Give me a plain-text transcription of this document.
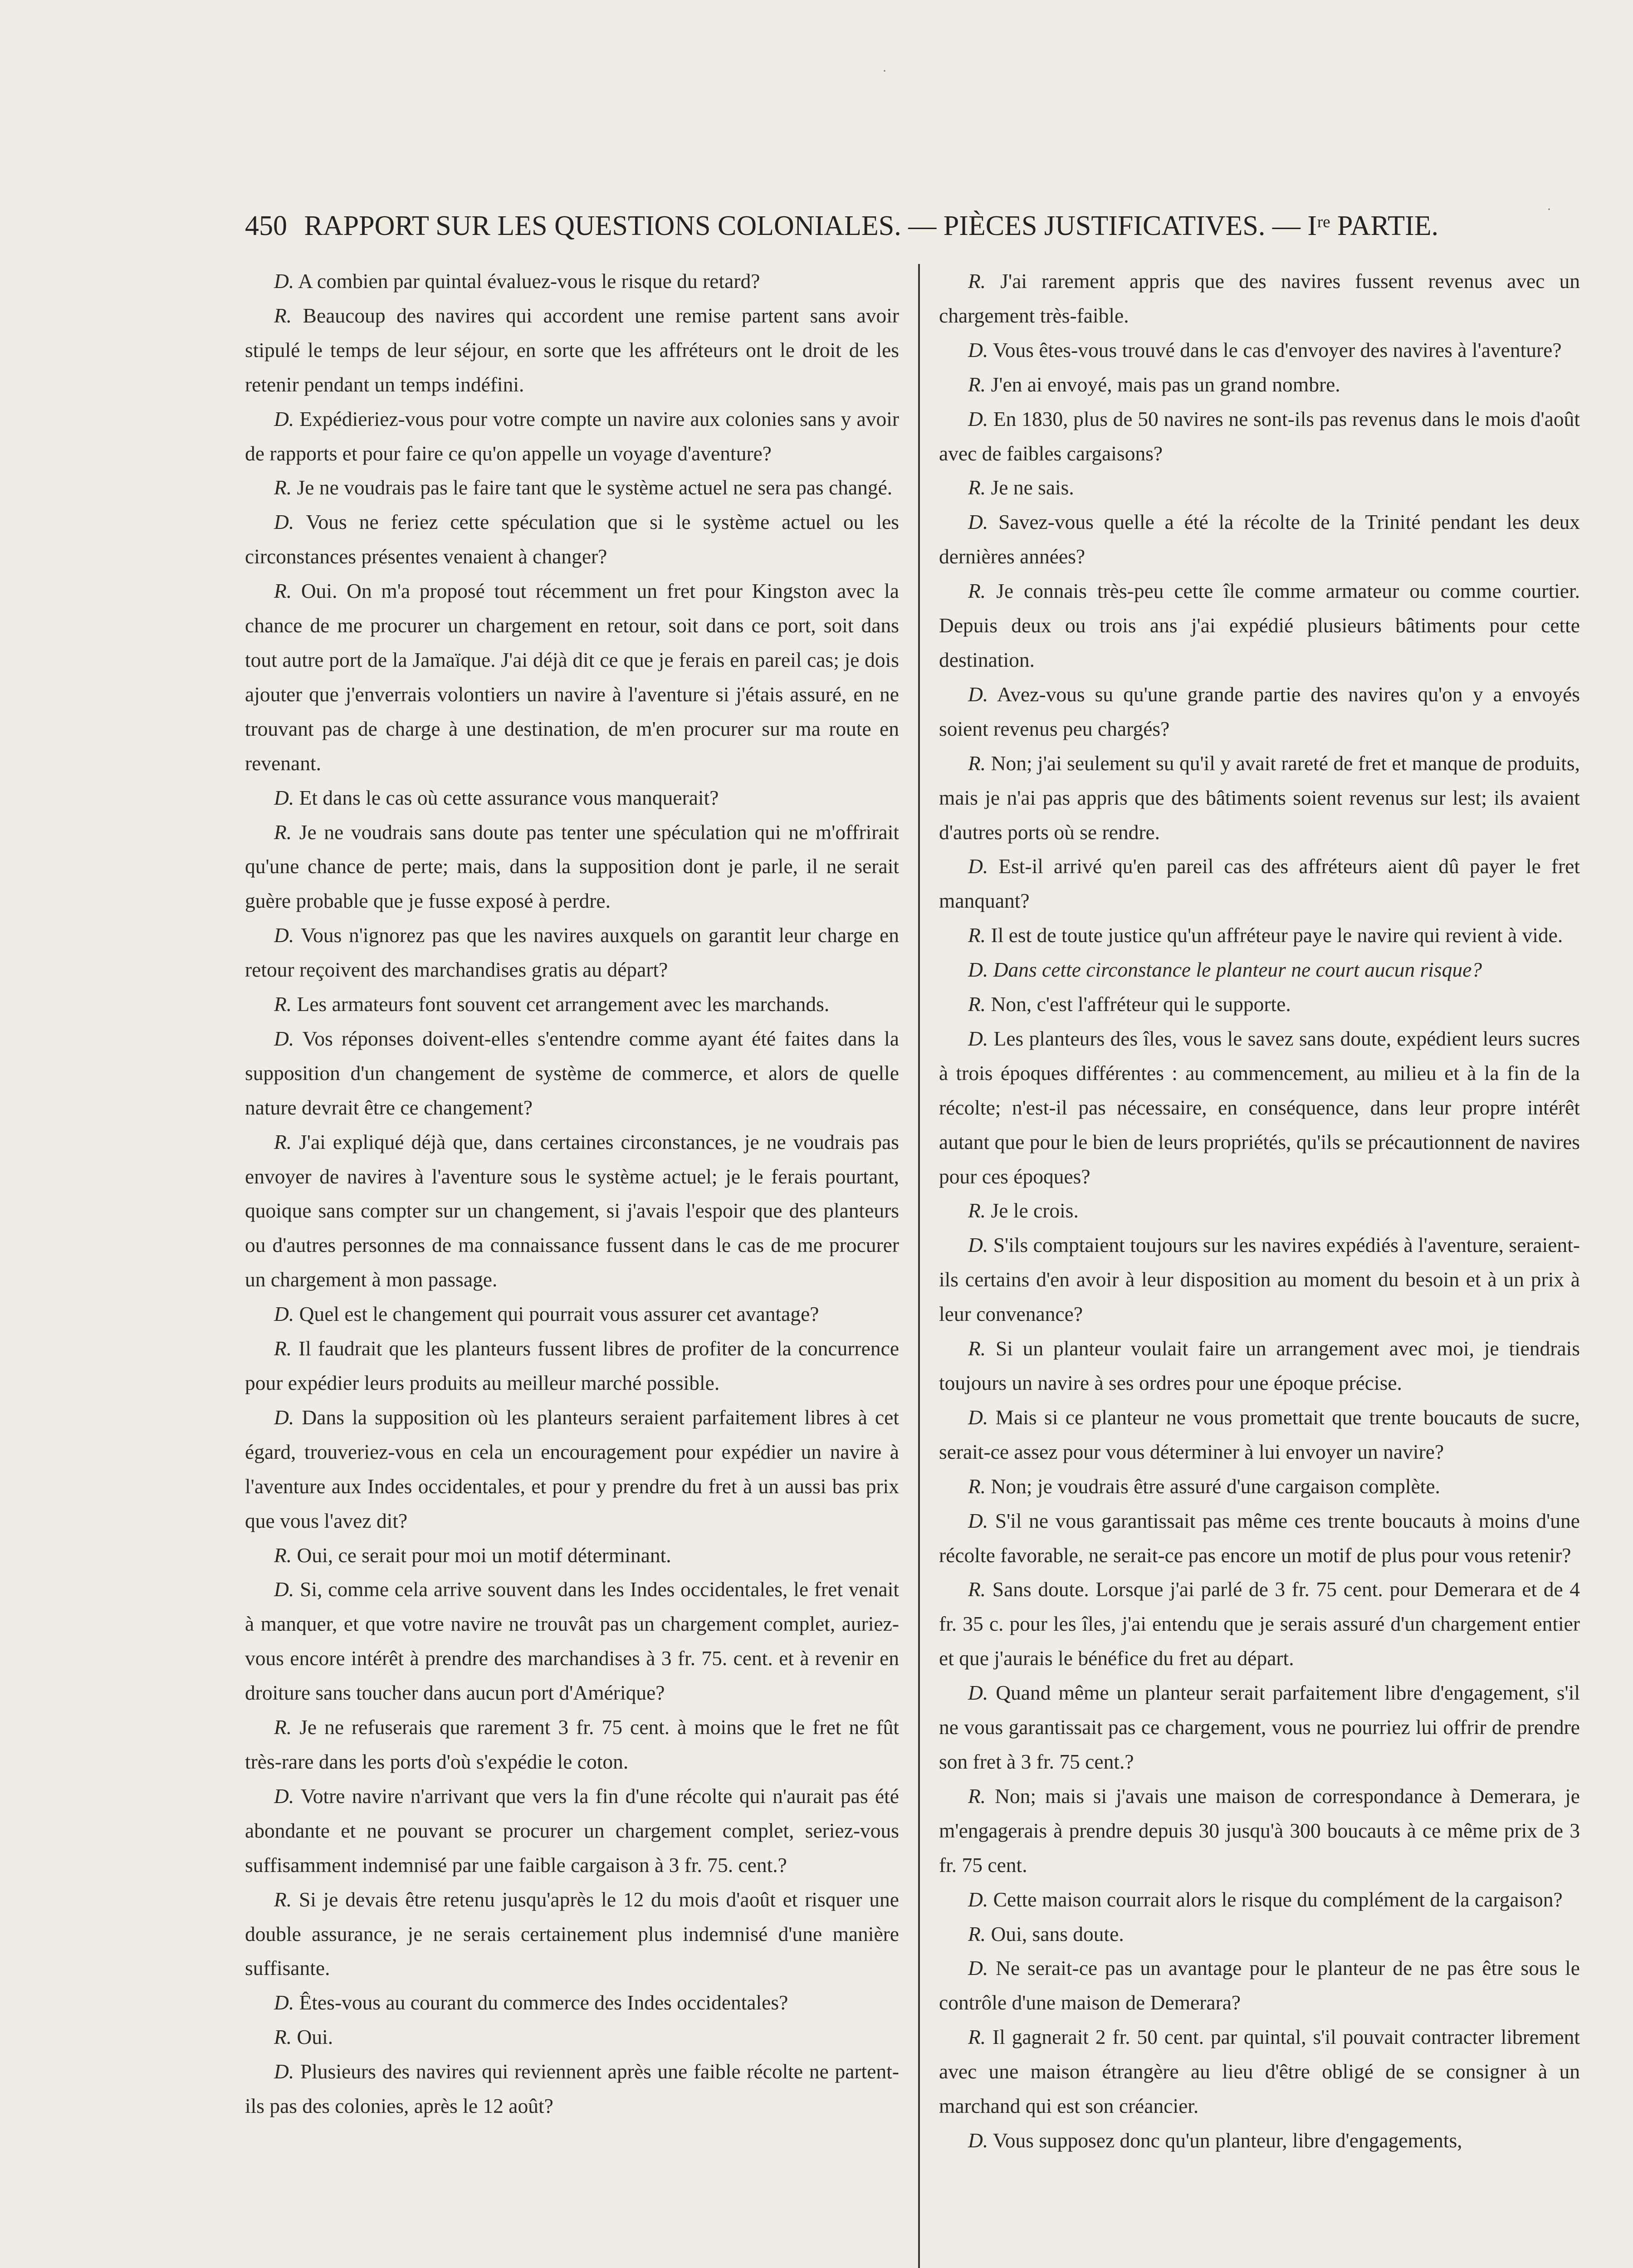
·
·
450 RAPPORT SUR LES QUESTIONS COLONIALES. — PIÈCES JUSTIFICATIVES. — Iʳᵉ PARTIE.

D. A combien par quintal évaluez-vous le risque du retard?

R. Beaucoup des navires qui accordent une remise partent sans avoir stipulé le temps de leur séjour, en sorte que les affréteurs ont le droit de les retenir pendant un temps indéfini.

D. Expédieriez-vous pour votre compte un navire aux colonies sans y avoir de rapports et pour faire ce qu'on appelle un voyage d'aventure?

R. Je ne voudrais pas le faire tant que le système actuel ne sera pas changé.

D. Vous ne feriez cette spéculation que si le système actuel ou les circonstances présentes venaient à changer?

R. Oui. On m'a proposé tout récemment un fret pour Kingston avec la chance de me procurer un chargement en retour, soit dans ce port, soit dans tout autre port de la Jamaïque. J'ai déjà dit ce que je ferais en pareil cas; je dois ajouter que j'enverrais volontiers un navire à l'aventure si j'étais assuré, en ne trouvant pas de charge à une destination, de m'en procurer sur ma route en revenant.

D. Et dans le cas où cette assurance vous manquerait?

R. Je ne voudrais sans doute pas tenter une spéculation qui ne m'offrirait qu'une chance de perte; mais, dans la supposition dont je parle, il ne serait guère probable que je fusse exposé à perdre.

D. Vous n'ignorez pas que les navires auxquels on garantit leur charge en retour reçoivent des marchandises gratis au départ?

R. Les armateurs font souvent cet arrangement avec les marchands.

D. Vos réponses doivent-elles s'entendre comme ayant été faites dans la supposition d'un changement de système de commerce, et alors de quelle nature devrait être ce changement?

R. J'ai expliqué déjà que, dans certaines circonstances, je ne voudrais pas envoyer de navires à l'aventure sous le système actuel; je le ferais pourtant, quoique sans compter sur un changement, si j'avais l'espoir que des planteurs ou d'autres personnes de ma connaissance fussent dans le cas de me procurer un chargement à mon passage.

D. Quel est le changement qui pourrait vous assurer cet avantage?

R. Il faudrait que les planteurs fussent libres de profiter de la concurrence pour expédier leurs produits au meilleur marché possible.

D. Dans la supposition où les planteurs seraient parfaitement libres à cet égard, trouveriez-vous en cela un encouragement pour expédier un navire à l'aventure aux Indes occidentales, et pour y prendre du fret à un aussi bas prix que vous l'avez dit?

R. Oui, ce serait pour moi un motif déterminant.

D. Si, comme cela arrive souvent dans les Indes occidentales, le fret venait à manquer, et que votre navire ne trouvât pas un chargement complet, auriez-vous encore intérêt à prendre des marchandises à 3 fr. 75. cent. et à revenir en droiture sans toucher dans aucun port d'Amérique?

R. Je ne refuserais que rarement 3 fr. 75 cent. à moins que le fret ne fût très-rare dans les ports d'où s'expédie le coton.

D. Votre navire n'arrivant que vers la fin d'une récolte qui n'aurait pas été abondante et ne pouvant se procurer un chargement complet, seriez-vous suffisamment indemnisé par une faible cargaison à 3 fr. 75. cent.?

R. Si je devais être retenu jusqu'après le 12 du mois d'août et risquer une double assurance, je ne serais certainement plus indemnisé d'une manière suffisante.

D. Êtes-vous au courant du commerce des Indes occidentales?

R. Oui.

D. Plusieurs des navires qui reviennent après une faible récolte ne partent-ils pas des colonies, après le 12 août?

R. J'ai rarement appris que des navires fussent revenus avec un chargement très-faible.

D. Vous êtes-vous trouvé dans le cas d'envoyer des navires à l'aventure?

R. J'en ai envoyé, mais pas un grand nombre.

D. En 1830, plus de 50 navires ne sont-ils pas revenus dans le mois d'août avec de faibles cargaisons?

R. Je ne sais.

D. Savez-vous quelle a été la récolte de la Trinité pendant les deux dernières années?

R. Je connais très-peu cette île comme armateur ou comme courtier. Depuis deux ou trois ans j'ai expédié plusieurs bâtiments pour cette destination.

D. Avez-vous su qu'une grande partie des navires qu'on y a envoyés soient revenus peu chargés?

R. Non; j'ai seulement su qu'il y avait rareté de fret et manque de produits, mais je n'ai pas appris que des bâtiments soient revenus sur lest; ils avaient d'autres ports où se rendre.

D. Est-il arrivé qu'en pareil cas des affréteurs aient dû payer le fret manquant?

R. Il est de toute justice qu'un affréteur paye le navire qui revient à vide.

D. Dans cette circonstance le planteur ne court aucun risque?

R. Non, c'est l'affréteur qui le supporte.

D. Les planteurs des îles, vous le savez sans doute, expédient leurs sucres à trois époques différentes : au commencement, au milieu et à la fin de la récolte; n'est-il pas nécessaire, en conséquence, dans leur propre intérêt autant que pour le bien de leurs propriétés, qu'ils se précautionnent de navires pour ces époques?

R. Je le crois.

D. S'ils comptaient toujours sur les navires expédiés à l'aventure, seraient-ils certains d'en avoir à leur disposition au moment du besoin et à un prix à leur convenance?

R. Si un planteur voulait faire un arrangement avec moi, je tiendrais toujours un navire à ses ordres pour une époque précise.

D. Mais si ce planteur ne vous promettait que trente boucauts de sucre, serait-ce assez pour vous déterminer à lui envoyer un navire?

R. Non; je voudrais être assuré d'une cargaison complète.

D. S'il ne vous garantissait pas même ces trente boucauts à moins d'une récolte favorable, ne serait-ce pas encore un motif de plus pour vous retenir?

R. Sans doute. Lorsque j'ai parlé de 3 fr. 75 cent. pour Demerara et de 4 fr. 35 c. pour les îles, j'ai entendu que je serais assuré d'un chargement entier et que j'aurais le bénéfice du fret au départ.

D. Quand même un planteur serait parfaitement libre d'engagement, s'il ne vous garantissait pas ce chargement, vous ne pourriez lui offrir de prendre son fret à 3 fr. 75 cent.?

R. Non; mais si j'avais une maison de correspondance à Demerara, je m'engagerais à prendre depuis 30 jusqu'à 300 boucauts à ce même prix de 3 fr. 75 cent.

D. Cette maison courrait alors le risque du complément de la cargaison?

R. Oui, sans doute.

D. Ne serait-ce pas un avantage pour le planteur de ne pas être sous le contrôle d'une maison de Demerara?

R. Il gagnerait 2 fr. 50 cent. par quintal, s'il pouvait contracter librement avec une maison étrangère au lieu d'être obligé de se consigner à un marchand qui est son créancier.

D. Vous supposez donc qu'un planteur, libre d'engagements,
